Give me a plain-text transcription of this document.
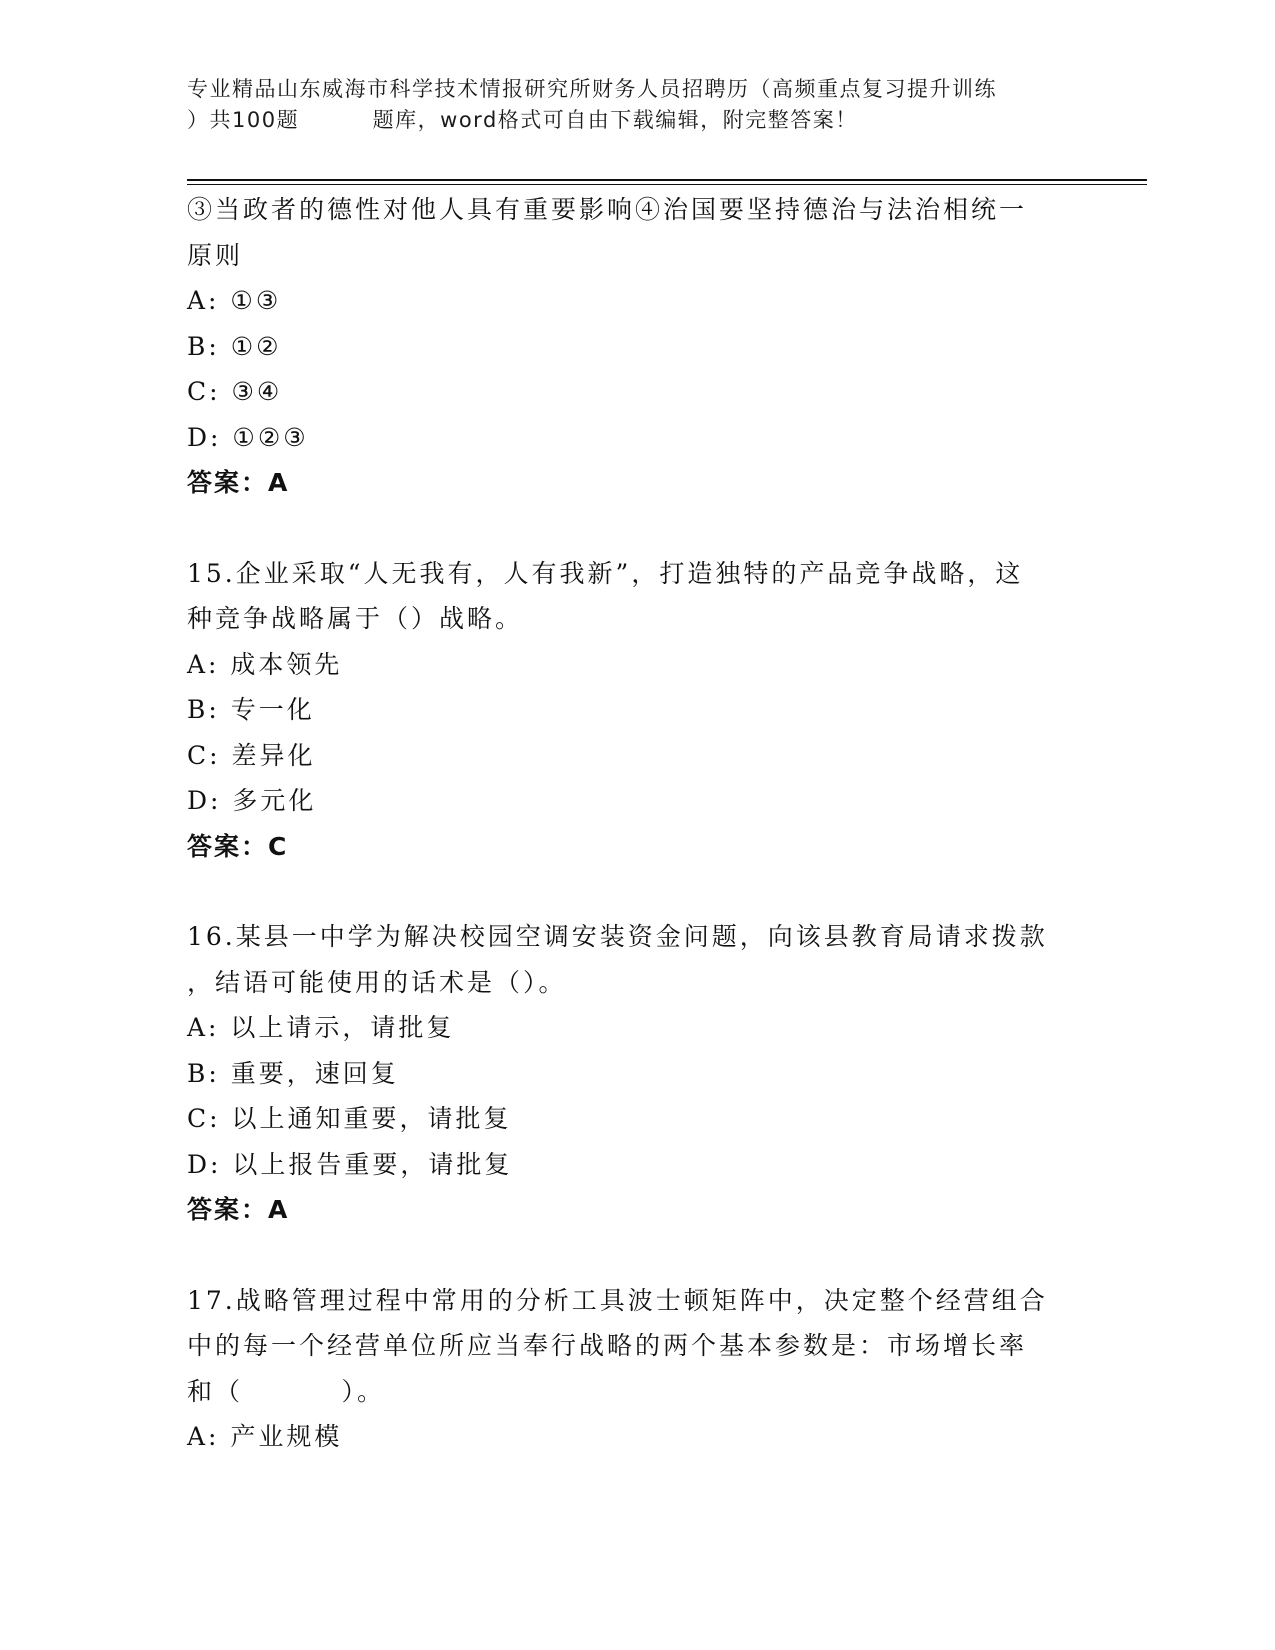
专业精品山东威海市科学技术情报研究所财务人员招聘历（高频重点复习提升训练
）共100题         题库，word格式可自由下载编辑，附完整答案！
③当政者的德性对他人具有重要影响④治国要坚持德治与法治相统一
原则
A: ①③
B: ①②
C: ③④
D: ①②③
答案：A
15.企业采取“人无我有，人有我新”，打造独特的产品竞争战略，这
种竞争战略属于（）战略。
A: 成本领先
B: 专一化
C: 差异化
D: 多元化
答案：C
16.某县一中学为解决校园空调安装资金问题，向该县教育局请求拨款
，结语可能使用的话术是（）。
A: 以上请示，请批复
B: 重要，速回复
C: 以上通知重要，请批复
D: 以上报告重要，请批复
答案：A
17.战略管理过程中常用的分析工具波士顿矩阵中，决定整个经营组合
中的每一个经营单位所应当奉行战略的两个基本参数是：市场增长率
和（         ）。
A: 产业规模
